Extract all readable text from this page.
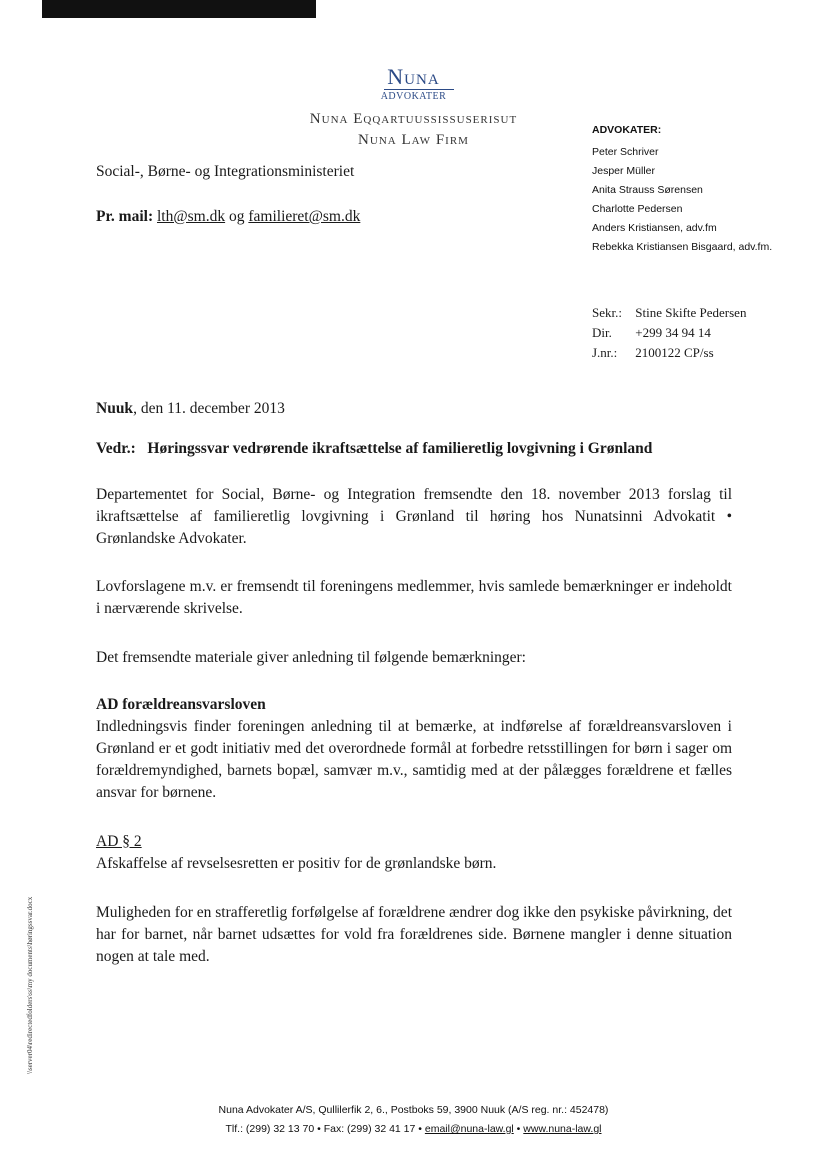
Nuna
ADVOKATER
Nuna Eqqartuussissuserisut
Nuna Law Firm
ADVOKATER:
Peter Schriver
Jesper Müller
Anita Strauss Sørensen
Charlotte Pedersen
Anders Kristiansen, adv.fm
Rebekka Kristiansen Bisgaard, adv.fm.
Sekr.:
	Stine Skifte Pedersen
Dir.
	+299 34 94 14
J.nr.:
	2100122 CP/ss
Social-, Børne- og Integrationsministeriet
Pr. mail: lth@sm.dk og familieret@sm.dk
Nuuk, den 11. december 2013
Vedr.: Høringssvar vedrørende ikraftsættelse af familieretlig lovgivning i Grønland

Departementet for Social, Børne- og Integration fremsendte den 18. november 2013 forslag til ikraftsættelse af familieretlig lovgivning i Grønland til høring hos Nunatsinni Advokatit • Grønlandske Advokater.

Lovforslagene m.v. er fremsendt til foreningens medlemmer, hvis samlede bemærkninger er indeholdt i nærværende skrivelse.

Det fremsendte materiale giver anledning til følgende bemærkninger:

AD forældreansvarsloven

Indledningsvis finder foreningen anledning til at bemærke, at indførelse af forældreansvarsloven i Grønland er et godt initiativ med det overordnede formål at forbedre retsstillingen for børn i sager om forældremyndighed, barnets bopæl, samvær m.v., samtidig med at der pålægges forældrene et fælles ansvar for børnene.

AD § 2

Afskaffelse af revselsesretten er positiv for de grønlandske børn.

Muligheden for en strafferetlig forfølgelse af forældrene ændrer dog ikke den psykiske påvirkning, det har for barnet, når barnet udsættes for vold fra forældrenes side. Børnene mangler i denne situation nogen at tale med.

\\server04\redirectedfolders\ss\my documents\høringssvar.docx
Nuna Advokater A/S, Qullilerfik 2, 6., Postboks 59, 3900 Nuuk (A/S reg. nr.: 452478)
Tlf.: (299) 32 13 70 • Fax: (299) 32 41 17 • email@nuna-law.gl • www.nuna-law.gl
